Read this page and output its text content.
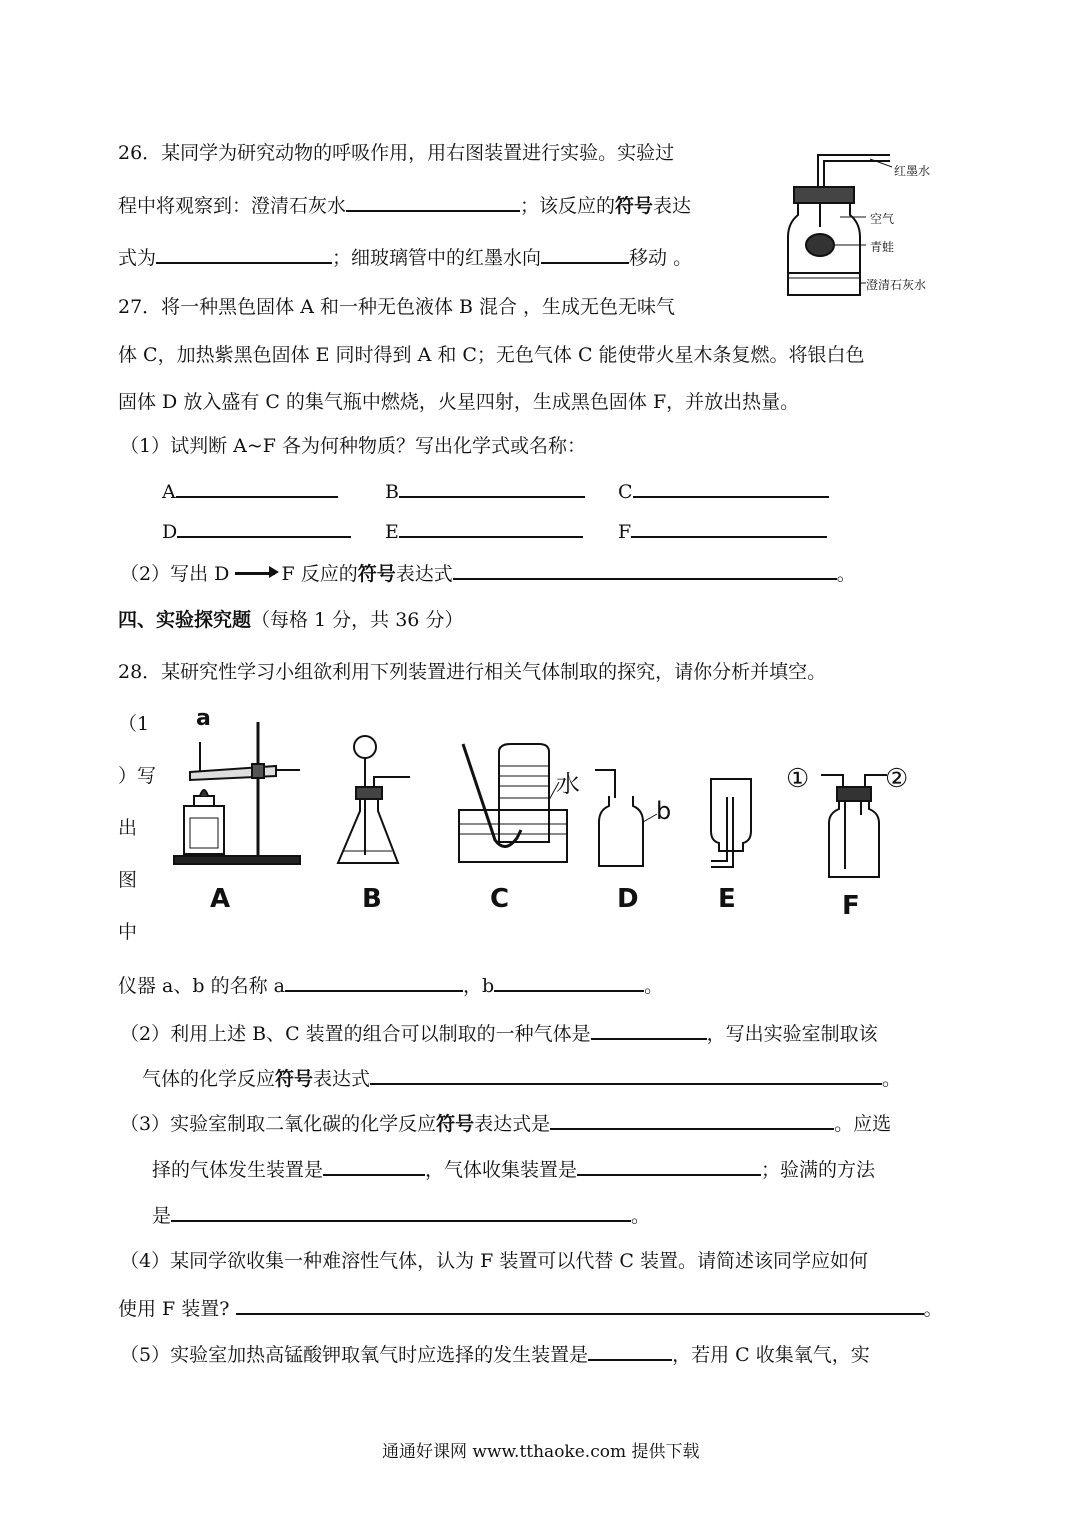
26．某同学为研究动物的呼吸作用，用右图装置进行实验。实验过
程中将观察到：澄清石灰水	；该反应的符号表达
式为	；细玻璃管中的红墨水向	移动 。
红墨水
空气
青蛙
澄清石灰水
27．将一种黑色固体 A 和一种无色液体 B 混合 ，生成无色无味气
体 C，加热紫黑色固体 E 同时得到 A 和 C；无色气体 C 能使带火星木条复燃。将银白色
固体 D 放入盛有 C 的集气瓶中燃烧，火星四射，生成黑色固体 F，并放出热量。
（1）试判断 A~F 各为何种物质？写出化学式或名称：
A	B	C
D	E	F
（2）写出 D	F 反应的符号表达式	。
四、实验探究题（每格 1 分，共 36 分）
28．某研究性学习小组欲利用下列装置进行相关气体制取的探究，请你分析并填空。
（1
）写
出
图
中
a
水
b
①	②
A	B	C	D	E	F
仪器 a、b 的名称 a	，b	。
（2）利用上述 B、C 装置的组合可以制取的一种气体是	，写出实验室制取该
气体的化学反应符号表达式	。
（3）实验室制取二氧化碳的化学反应符号表达式是	。应选
择的气体发生装置是	，气体收集装置是	；验满的方法
是	。
（4）某同学欲收集一种难溶性气体，认为 F 装置可以代替 C 装置。请简述该同学应如何
使用 F 装置?	。
（5）实验室加热高锰酸钾取氧气时应选择的发生装置是	，若用 C 收集氧气，实
通通好课网 www.tthaoke.com 提供下载
